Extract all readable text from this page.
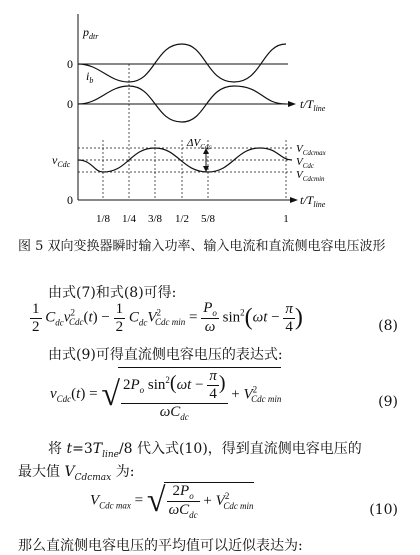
$p_{dtr}$
0
$i_b$
0
$v_{Cdc}$
0
$\Delta V_{Cdc}$
$t/T_{line}$
$t/T_{line}$
$V_{Cdcmax}$
$V_{Cdc}$
$V_{Cdcmin}$
1/8 1/4 3/8 1/2 5/8	1
图 5 双向变换器瞬时输入功率、输入电流和直流侧电容电压波形
由式(7)和式(8)可得:
$\frac{1}{2} C_{dc}v^2_{Cdc}(t) - \frac{1}{2} C_{dc}V^2_{Cdc min} = \frac{P_o}{\omega} \sin^2(\omega t - \frac{\pi}{4}$ )	(8)
由式(9)可得直流侧电容电压的表达式:
$v_{Cdc}(t)$ = √ $\frac{2P_o \sin^2(\omega t - \frac{\pi}{4} )}{\omega C_{dc}} + V^2_{Cdc min}$	(9)
将 $t=3T_{line}/8$ 代入式(10)，得到直流侧电容电压的
最大值 $V_{Cdcmax}$ 为:
$V_{Cdc max}$ = √ $\frac{2P_o}{\omega C_{dc}} + V^2_{Cdc min}$	(10)
那么直流侧电容电压的平均值可以近似表达为:
